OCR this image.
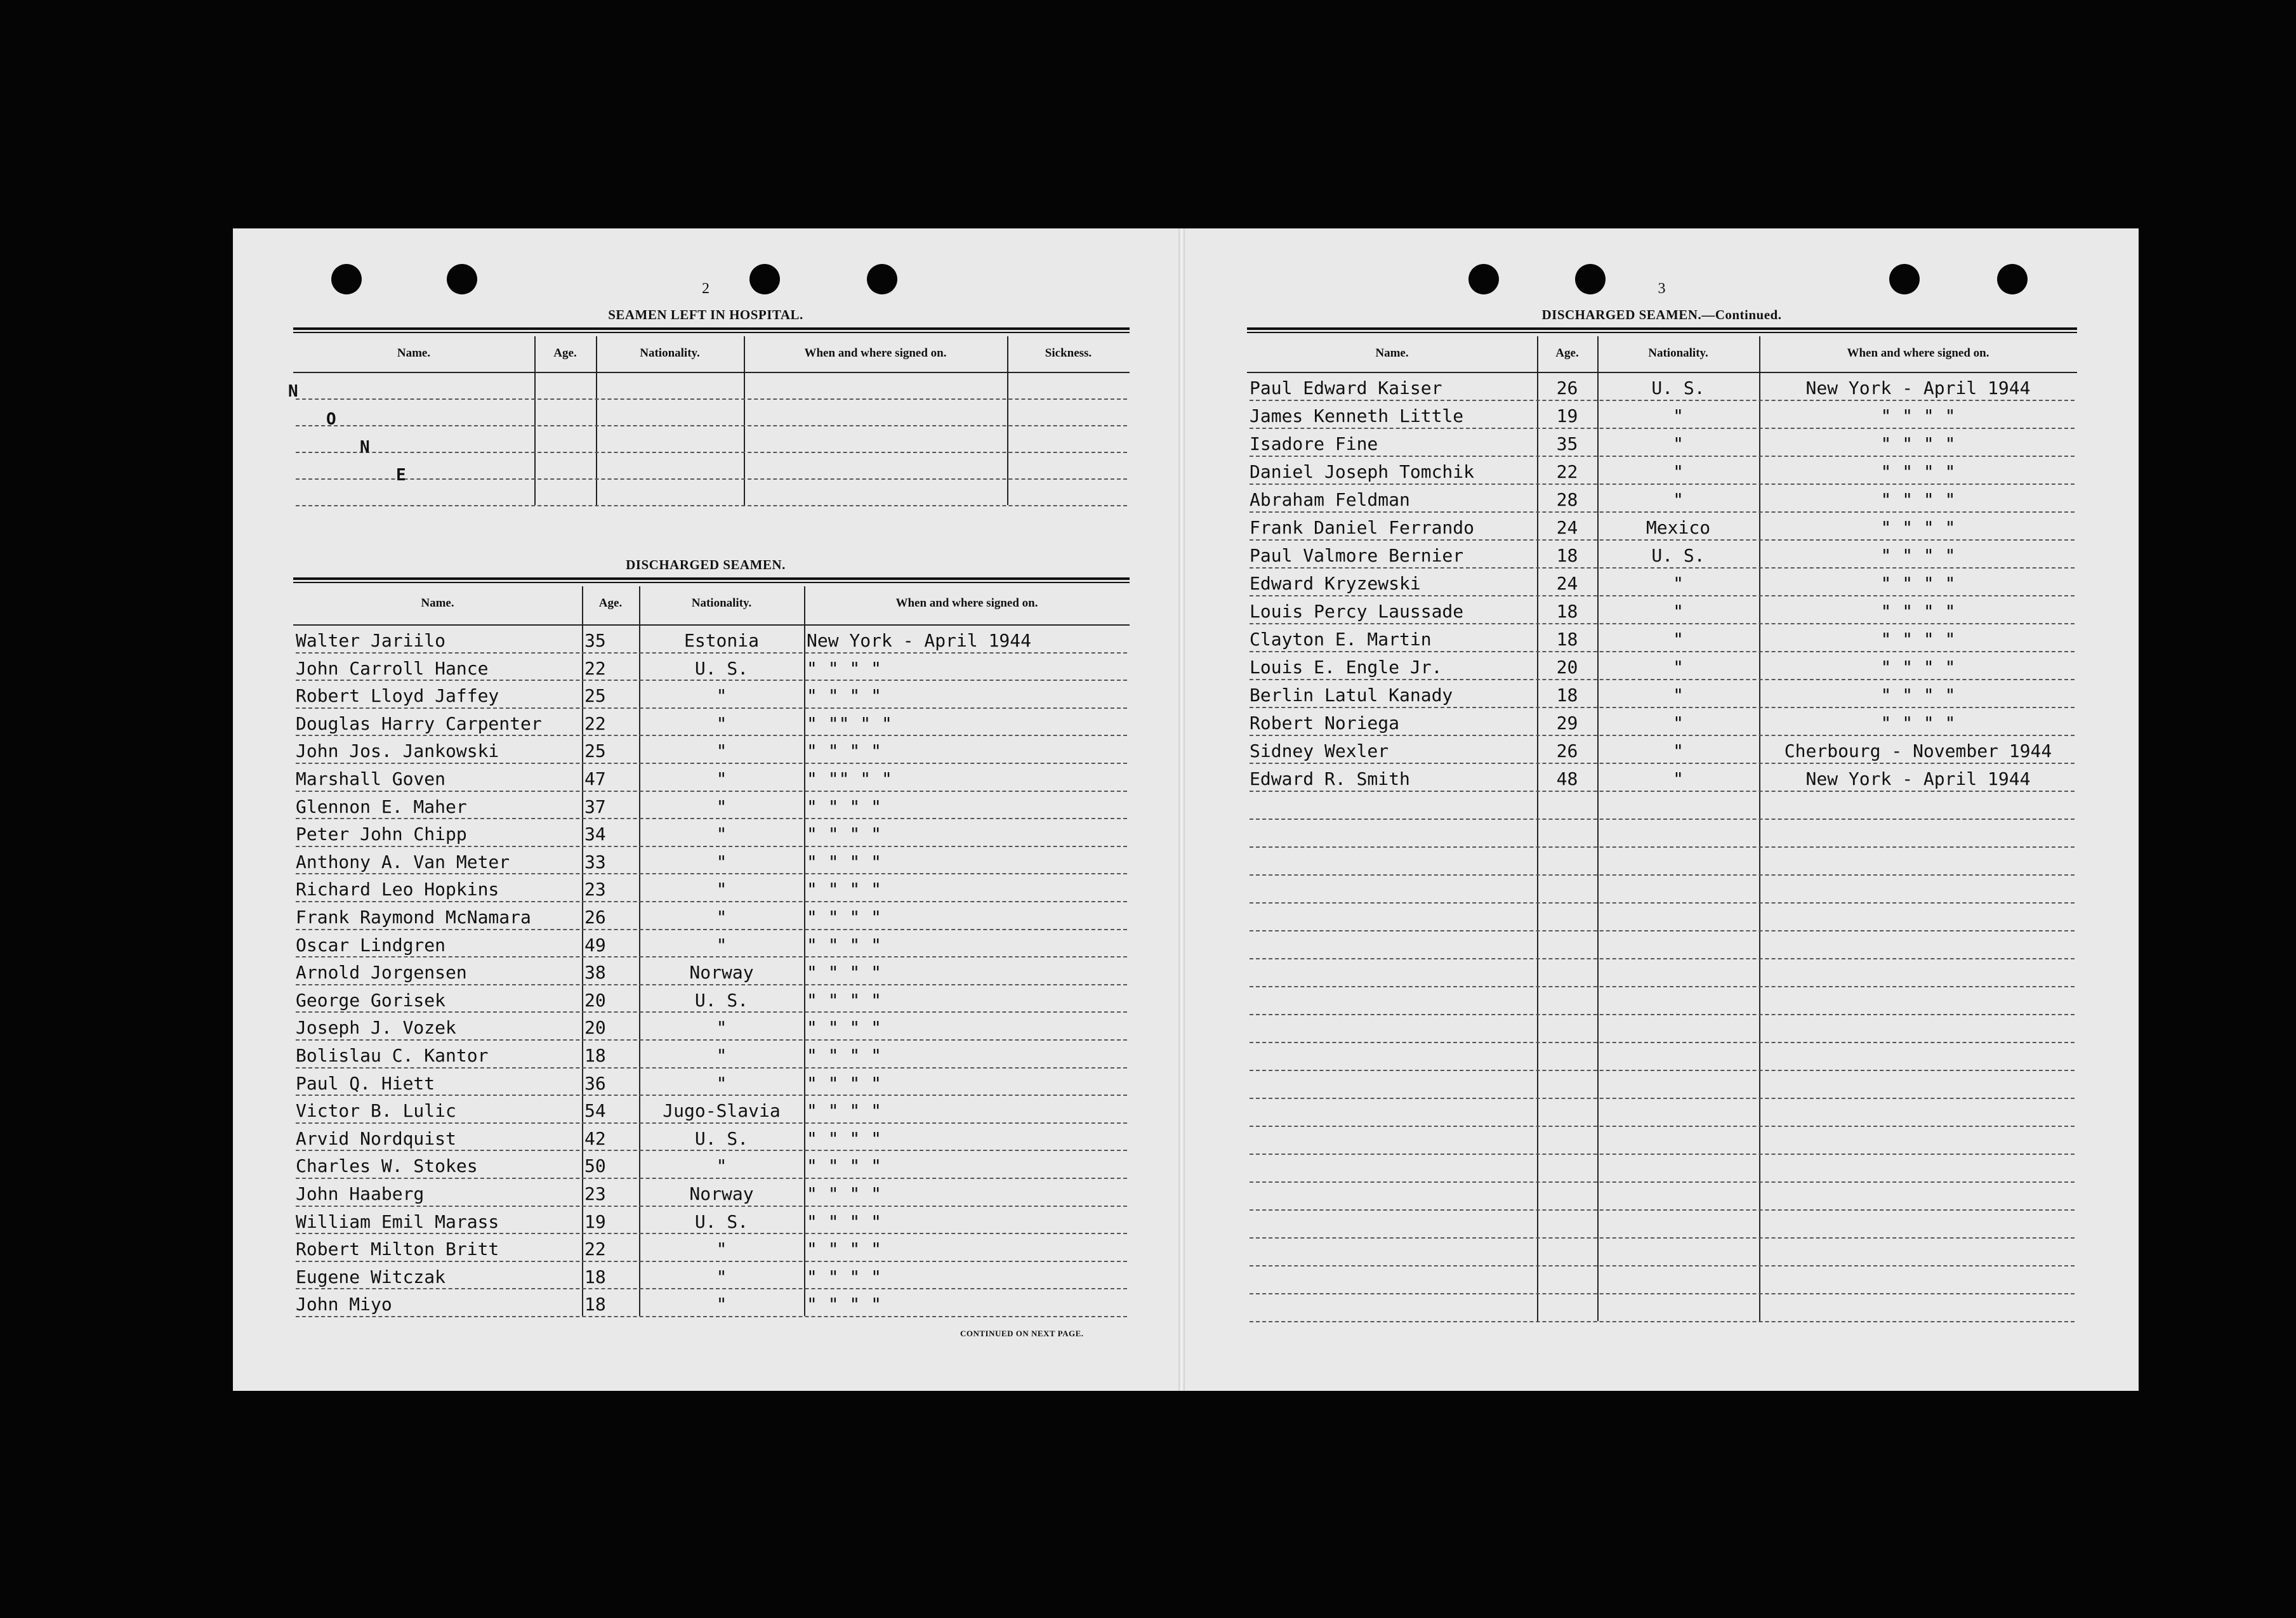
2
SEAMEN LEFT IN HOSPITAL.
Name.	Age.	Nationality.	When and where signed on.	Sickness.
N
O
N
E
DISCHARGED SEAMEN.
Name.	Age.	Nationality.	When and where signed on.
Walter Jariilo	35	Estonia	New York - April 1944
John Carroll Hance	22	U. S.	" " " "
Robert Lloyd Jaffey	25	"	" " " "
Douglas Harry Carpenter	22	"	" "" " "
John Jos. Jankowski	25	"	" " " "
Marshall Goven	47	"	" "" " "
Glennon E. Maher	37	"	" " " "
Peter John Chipp	34	"	" " " "
Anthony A. Van Meter	33	"	" " " "
Richard Leo Hopkins	23	"	" " " "
Frank Raymond McNamara	26	"	" " " "
Oscar Lindgren	49	"	" " " "
Arnold Jorgensen	38	Norway	" " " "
George Gorisek	20	U. S.	" " " "
Joseph J. Vozek	20	"	" " " "
Bolislau C. Kantor	18	"	" " " "
Paul Q. Hiett	36	"	" " " "
Victor B. Lulic	54	Jugo-Slavia	" " " "
Arvid Nordquist	42	U. S.	" " " "
Charles W. Stokes	50	"	" " " "
John Haaberg	23	Norway	" " " "
William Emil Marass	19	U. S.	" " " "
Robert Milton Britt	22	"	" " " "
Eugene Witczak	18	"	" " " "
John Miyo	18	"	" " " "
CONTINUED ON NEXT PAGE.
3
DISCHARGED SEAMEN.—Continued.
Name.	Age.	Nationality.	When and where signed on.
Paul Edward Kaiser	26	U. S.	New York - April 1944
James Kenneth Little	19	"	" " " "
Isadore Fine	35	"	" " " "
Daniel Joseph Tomchik	22	"	" " " "
Abraham Feldman	28	"	" " " "
Frank Daniel Ferrando	24	Mexico	" " " "
Paul Valmore Bernier	18	U. S.	" " " "
Edward Kryzewski	24	"	" " " "
Louis Percy Laussade	18	"	" " " "
Clayton E. Martin	18	"	" " " "
Louis E. Engle Jr.	20	"	" " " "
Berlin Latul Kanady	18	"	" " " "
Robert Noriega	29	"	" " " "
Sidney Wexler	26	"	Cherbourg - November 1944
Edward R. Smith	48	"	New York - April 1944
